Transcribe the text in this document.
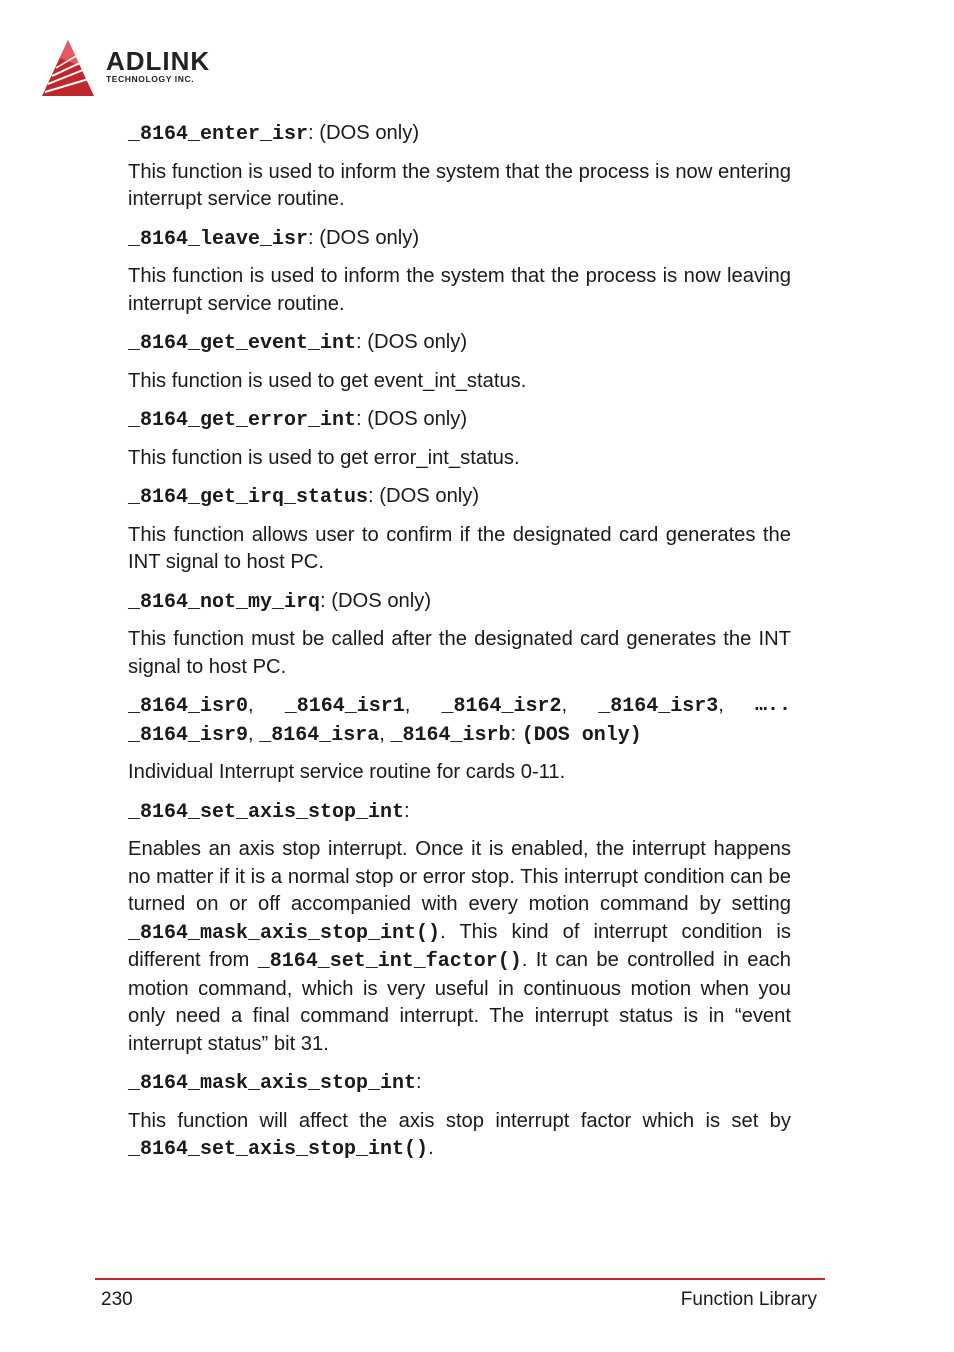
ADLINK
TECHNOLOGY INC.

_8164_enter_isr: (DOS only)

This function is used to inform the system that the process is now entering interrupt service routine.

_8164_leave_isr: (DOS only)

This function is used to inform the system that the process is now leaving interrupt service routine.

_8164_get_event_int: (DOS only)

This function is used to get event_int_status.

_8164_get_error_int: (DOS only)

This function is used to get error_int_status.

_8164_get_irq_status: (DOS only)

This function allows user to confirm if the designated card generates the INT signal to host PC.

_8164_not_my_irq: (DOS only)

This function must be called after the designated card generates the INT signal to host PC.

_8164_isr0, _8164_isr1, _8164_isr2, _8164_isr3, …..
_8164_isr9, _8164_isra, _8164_isrb: (DOS only)

Individual Interrupt service routine for cards 0-11.

_8164_set_axis_stop_int:

Enables an axis stop interrupt. Once it is enabled, the interrupt happens no matter if it is a normal stop or error stop. This interrupt condition can be turned on or off accompanied with every motion command by setting _8164_mask_axis_stop_int(). This kind of interrupt condition is different from _8164_set_int_factor(). It can be controlled in each motion command, which is very useful in continuous motion when you only need a final command interrupt. The interrupt status is in “event interrupt status” bit 31.

_8164_mask_axis_stop_int:

This function will affect the axis stop interrupt factor which is set by _8164_set_axis_stop_int().

230	Function Library
